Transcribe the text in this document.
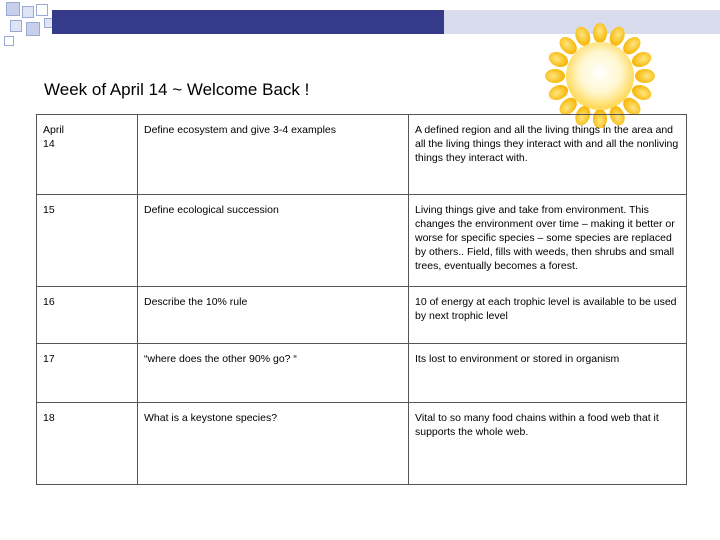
Week of April 14 ~ Welcome Back !
April
14	Define ecosystem and give 3-4 examples	A defined region and all the living things in the area and all the living things they interact with and all the nonliving things they interact with.
15	Define ecological succession	Living things give and take from environment. This changes the environment over time – making it better or worse for specific species – some species are replaced by others.. Field, fills with weeds, then shrubs and small trees, eventually becomes a forest.
16	Describe the 10% rule	10 of energy at each trophic level is available to be used by next trophic level
17	“where does the other 90% go? “	Its lost to environment or stored in organism
18	What is a keystone species?	Vital to so many food chains within a food web that it supports the whole web.
